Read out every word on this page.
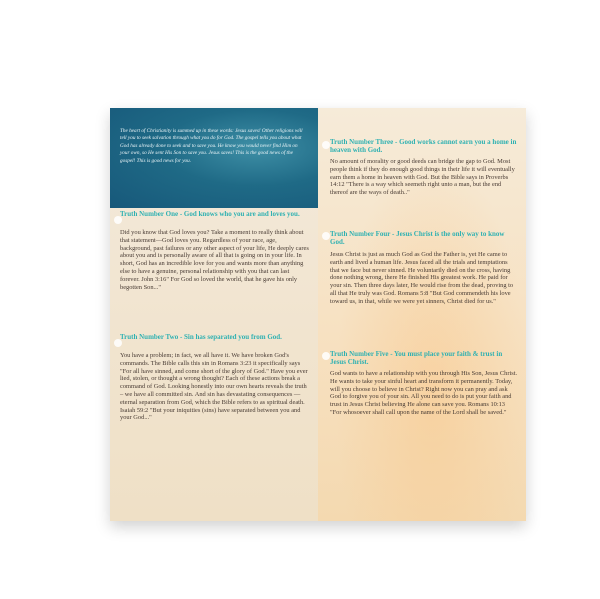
The heart of Christianity is summed up in these words: Jesus saves! Other religions will tell you to seek salvation through what you do for God. The gospel tells you about what God has already done to seek and to save you. He know you would never find Him on your own, so He sent His Son to save you. Jesus saves! This is the good news of the gospel! This is good news for you.
Truth Number One - God knows who you are and loves you.
Did you know that God loves you? Take a moment to really think about that statement—God loves you. Regardless of your race, age, background, past failures or any other aspect of your life, He deeply cares about you and is personally aware of all that is going on in your life. In short, God has an incredible love for you and wants more than anything else to have a genuine, personal relationship with you that can last forever. John 3:16" For God so loved the world, that he gave his only begotten Son..."
Truth Number Two - Sin has separated you from God.
You have a problem; in fact, we all have it. We have broken God's commands. The Bible calls this sin in Romans 3:23 it specifically says "For all have sinned, and come short of the glory of God." Have you ever lied, stolen, or thought a wrong thought? Each of these actions break a command of God. Looking honestly into our own hearts reveals the truth – we have all committed sin. And sin has devastating consequences —eternal separation from God, which the Bible refers to as spiritual death. Isaiah 59:2 "But your iniquities (sins) have separated between you and your God..."
Truth Number Three - Good works cannot earn you a home in heaven with God.
No amount of morality or good deeds can bridge the gap to God. Most people think if they do enough good things in their life it will eventually earn them a home in heaven with God. But the Bible says in Proverbs 14:12 "There is a way which seemeth right unto a man, but the end thereof are the ways of death.."
Truth Number Four - Jesus Christ is the only way to know God.
Jesus Christ is just as much God as God the Father is, yet He came to earth and lived a human life. Jesus faced all the trials and temptations that we face but never sinned. He voluntarily died on the cross, having done nothing wrong, there He finished His greatest work. He paid for your sin. Then three days later, He would rise from the dead, proving to all that He truly was God. Romans 5:8 "But God commendeth his love toward us, in that, while we were yet sinners, Christ died for us."
Truth Number Five - You must place your faith & trust in Jesus Christ.
God wants to have a relationship with you through His Son, Jesus Christ. He wants to take your sinful heart and transform it permanently. Today, will you choose to believe in Christ? Right now you can pray and ask God to forgive you of your sin. All you need to do is put your faith and trust in Jesus Christ believing He alone can save you. Romans 10:13 "For whosoever shall call upon the name of the Lord shall be saved."
